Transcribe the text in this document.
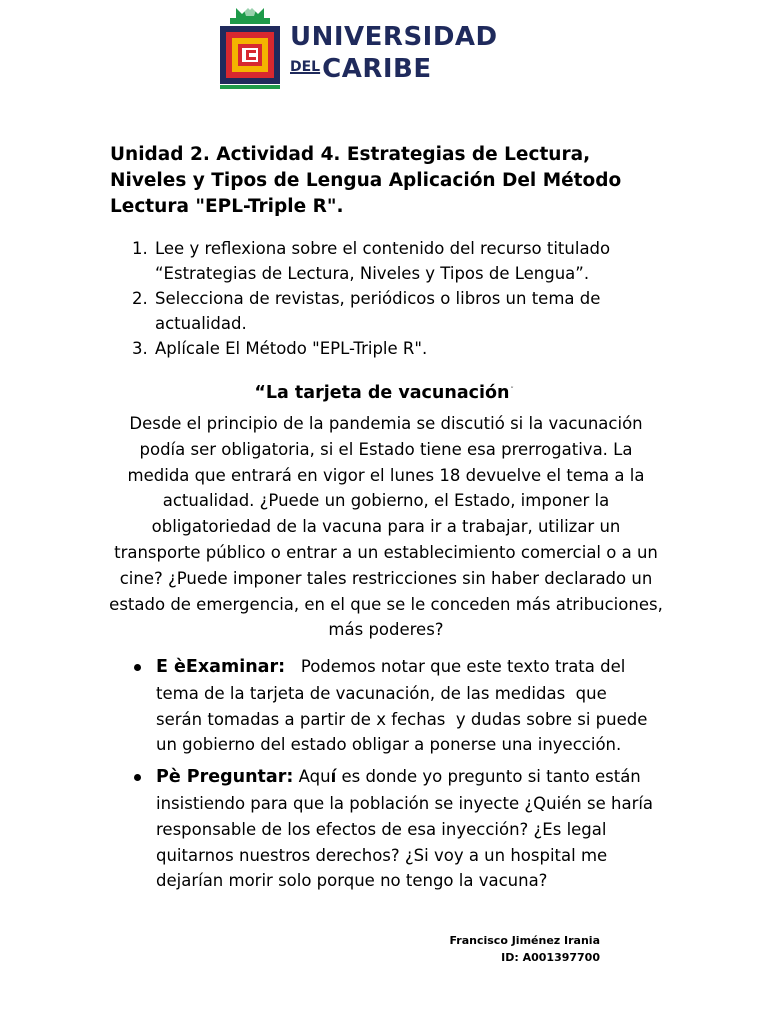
UNIVERSIDAD
DELCARIBE
Unidad 2. Actividad 4. Estrategias de Lectura, Niveles y Tipos de Lengua Aplicación Del Método Lectura "EPL-Triple R".
1. Lee y reflexiona sobre el contenido del recurso titulado “Estrategias de Lectura, Niveles y Tipos de Lengua”.
2. Selecciona de revistas, periódicos o libros un tema de actualidad.
3. Aplícale El Método "EPL-Triple R".
“La tarjeta de vacunación”

Desde el principio de la pandemia se discutió si la vacunación podía ser obligatoria, si el Estado tiene esa prerrogativa. La medida que entrará en vigor el lunes 18 devuelve el tema a la actualidad. ¿Puede un gobierno, el Estado, imponer la obligatoriedad de la vacuna para ir a trabajar, utilizar un transporte público o entrar a un establecimiento comercial o a un cine? ¿Puede imponer tales restricciones sin haber declarado un estado de emergencia, en el que se le conceden más atribuciones, más poderes?

E èExaminar:   Podemos notar que este texto trata del tema de la tarjeta de vacunación, de las medidas  que serán tomadas a partir de x fechas  y dudas sobre si puede un gobierno del estado obligar a ponerse una inyección.
Pè Preguntar: Aquí es donde yo pregunto si tanto están insistiendo para que la población se inyecte ¿Quién se haría responsable de los efectos de esa inyección? ¿Es legal quitarnos nuestros derechos? ¿Si voy a un hospital me dejarían morir solo porque no tengo la vacuna?
Francisco Jiménez Irania
ID: A001397700
